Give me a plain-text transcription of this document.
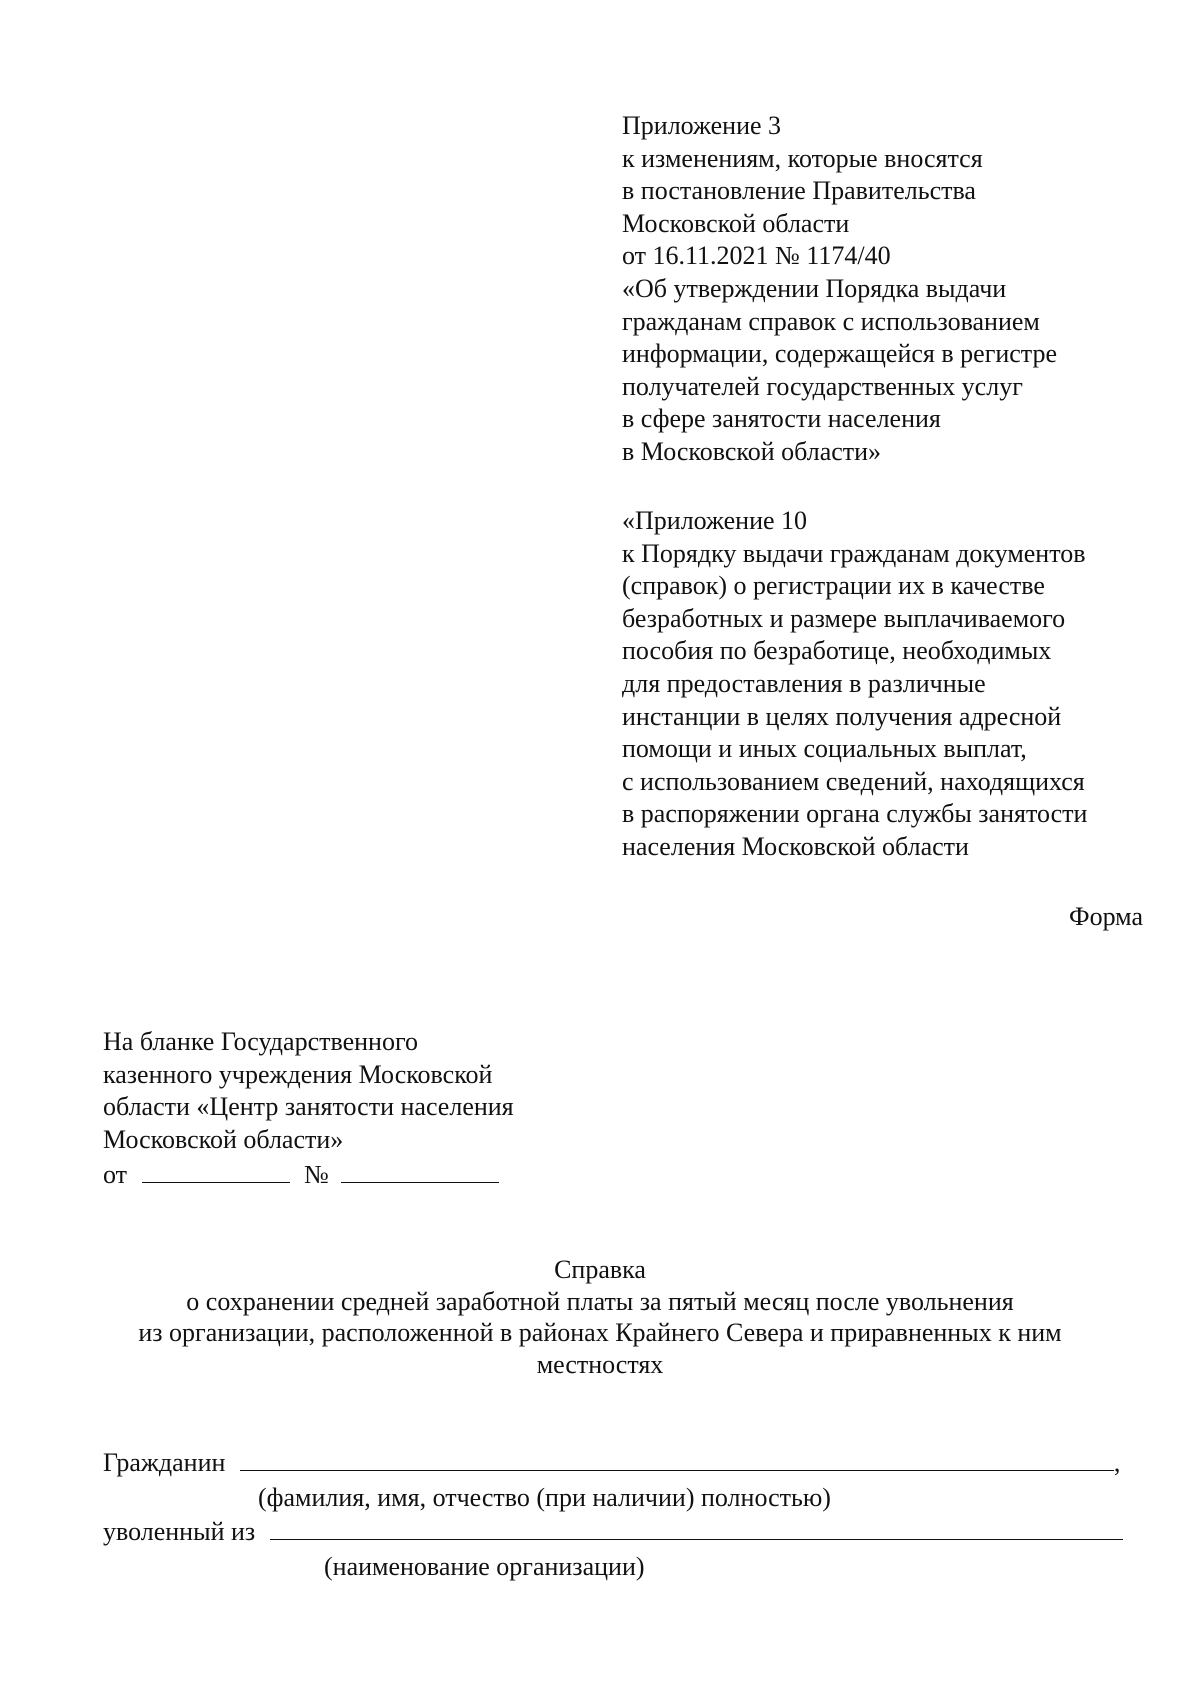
Приложение 3
к изменениям, которые вносятся
в постановление Правительства
Московской области
от 16.11.2021 № 1174/40
«Об утверждении Порядка выдачи
гражданам справок с использованием
информации, содержащейся в регистре
получателей государственных услуг
в сфере занятости населения
в Московской области»
«Приложение 10
к Порядку выдачи гражданам документов
(справок) о регистрации их в качестве
безработных и размере выплачиваемого
пособия по безработице, необходимых
для предоставления в различные
инстанции в целях получения адресной
помощи и иных социальных выплат,
с использованием сведений, находящихся
в распоряжении органа службы занятости
населения Московской области
Форма
На бланке Государственного
казенного учреждения Московской
области «Центр занятости населения
Московской области»
от	№
Справка
о сохранении средней заработной платы за пятый месяц после увольнения
из организации, расположенной в районах Крайнего Севера и приравненных к ним
местностях
Гражданин	,
(фамилия, имя, отчество (при наличии) полностью)
уволенный из
(наименование организации)
